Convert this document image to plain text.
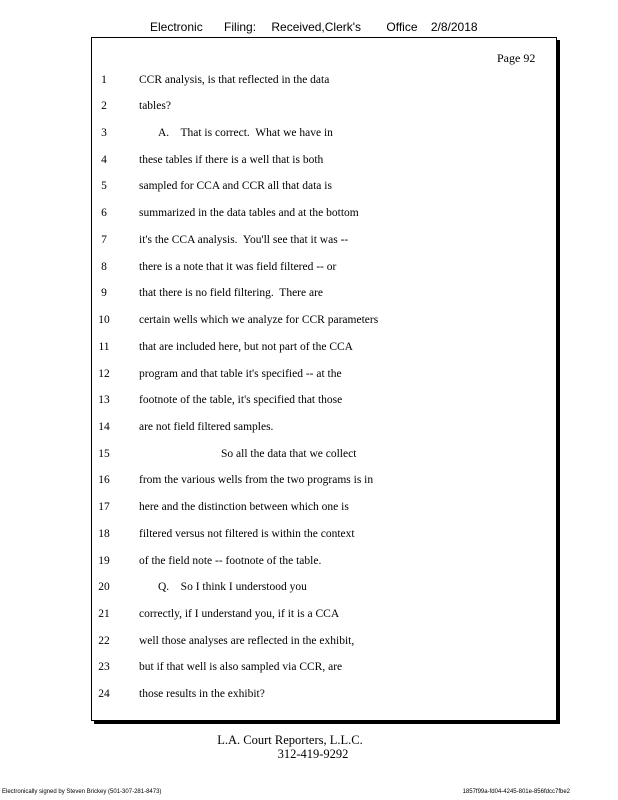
Electronic Filing: Received,Clerk's Office 2/8/2018
Page 92
1	CCR analysis, is that reflected in the data
2	tables?
3	A.    That is correct.  What we have in
4	these tables if there is a well that is both
5	sampled for CCA and CCR all that data is
6	summarized in the data tables and at the bottom
7	it's the CCA analysis.  You'll see that it was --
8	there is a note that it was field filtered -- or
9	that there is no field filtering.  There are
10	certain wells which we analyze for CCR parameters
11	that are included here, but not part of the CCA
12	program and that table it's specified -- at the
13	footnote of the table, it's specified that those
14	are not field filtered samples.
15	So all the data that we collect
16	from the various wells from the two programs is in
17	here and the distinction between which one is
18	filtered versus not filtered is within the context
19	of the field note -- footnote of the table.
20	Q.    So I think I understood you
21	correctly, if I understand you, if it is a CCA
22	well those analyses are reflected in the exhibit,
23	but if that well is also sampled via CCR, are
24	those results in the exhibit?
L.A. Court Reporters, L.L.C.
312-419-9292
Electronically signed by Steven Brickey (501-307-281-8473)	1857f99a-fd04-4245-801e-856fdcc7fbe2
